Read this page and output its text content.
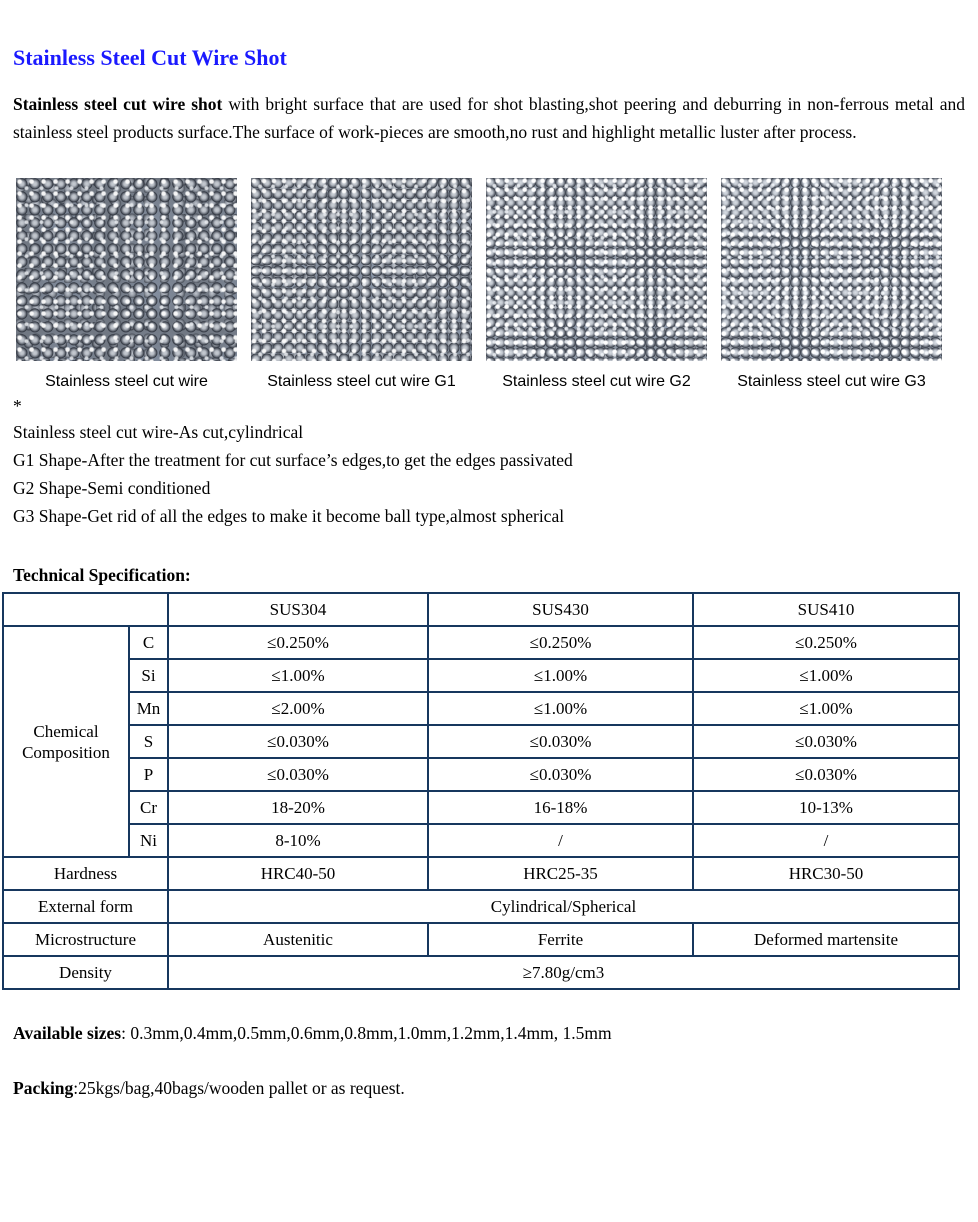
Stainless Steel Cut Wire Shot

Stainless steel cut wire shot with bright surface that are used for shot blasting,shot peering and deburring in non-ferrous metal and stainless steel products surface.The surface of work-pieces are smooth,no rust and highlight metallic luster after process.

Stainless steel cut wire	Stainless steel cut wire G1	Stainless steel cut wire G2	Stainless steel cut wire G3
*
Stainless steel cut wire-As cut,cylindrical
G1 Shape-After the treatment for cut surface’s edges,to get the edges passivated
G2 Shape-Semi conditioned
G3 Shape-Get rid of all the edges to make it become ball type,almost spherical
Technical Specification:
		SUS304	SUS430	SUS410
Chemical Composition	C	≤0.250%	≤0.250%	≤0.250%
	Si	≤1.00%	≤1.00%	≤1.00%
	Mn	≤2.00%	≤1.00%	≤1.00%
	S	≤0.030%	≤0.030%	≤0.030%
	P	≤0.030%	≤0.030%	≤0.030%
	Cr	18-20%	16-18%	10-13%
	Ni	8-10%	/	/
Hardness		HRC40-50	HRC25-35	HRC30-50
External form		Cylindrical/Spherical		
Microstructure		Austenitic	Ferrite	Deformed martensite
Density		≥7.80g/cm3		

Available sizes: 0.3mm,0.4mm,0.5mm,0.6mm,0.8mm,1.0mm,1.2mm,1.4mm, 1.5mm

Packing:25kgs/bag,40bags/wooden pallet or as request.
